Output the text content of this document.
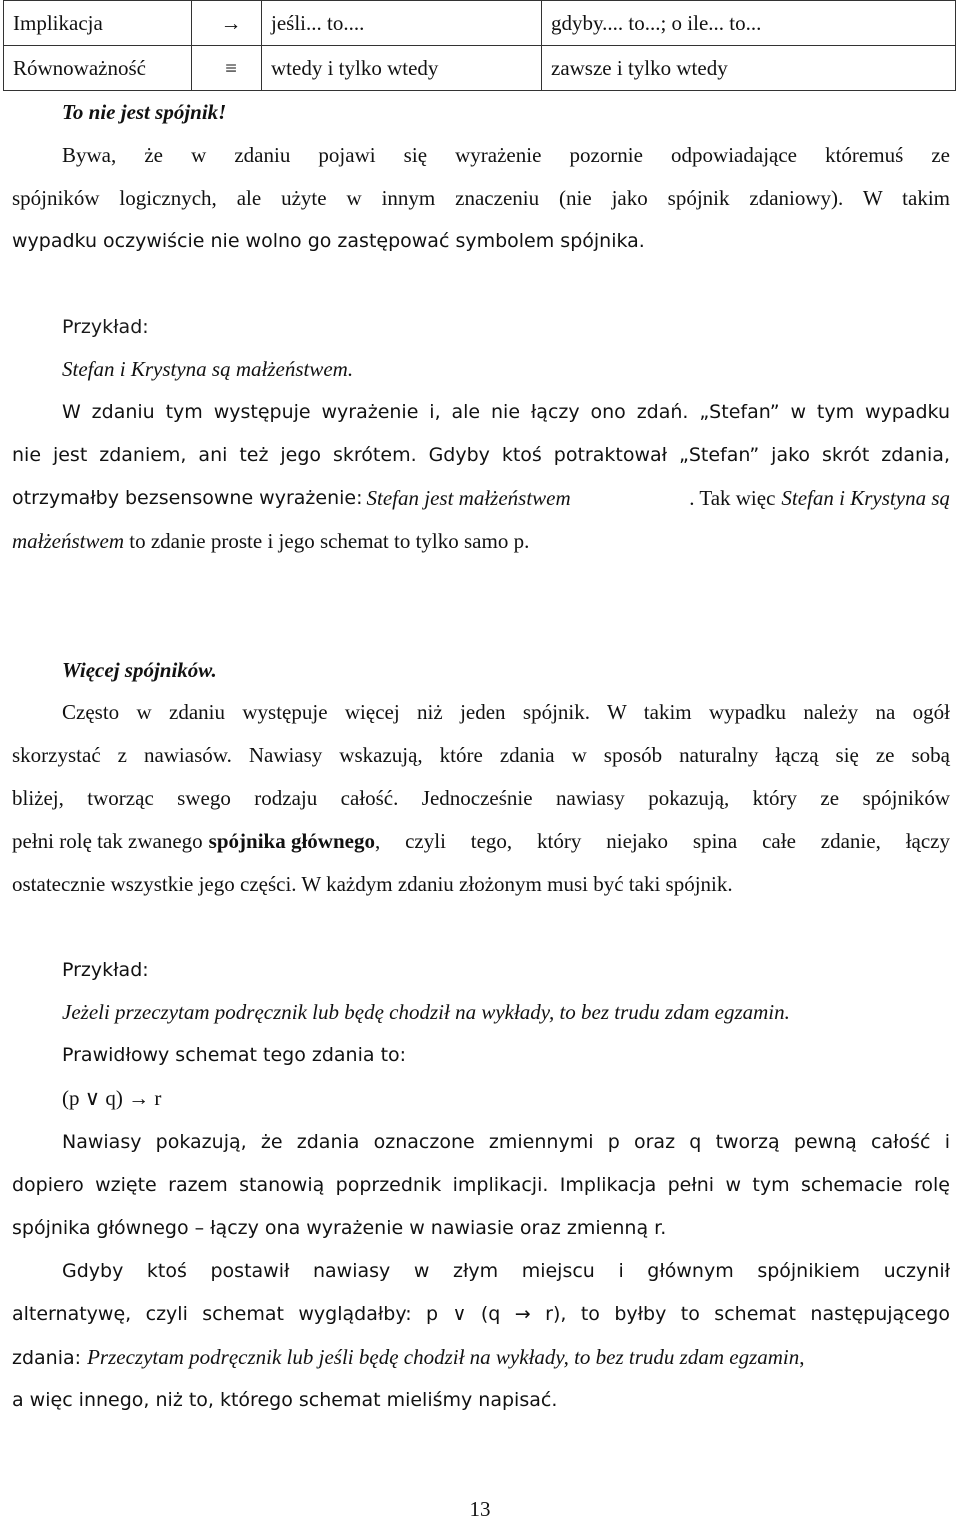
Implikacja	→	jeśli... to....	gdyby.... to...; o ile... to...
Równoważność	≡	wtedy i tylko wtedy	zawsze i tylko wtedy
To nie jest spójnik!
Bywa, że w zdaniu pojawi się wyrażenie pozornie odpowiadające któremuś ze
spójników logicznych, ale użyte w innym znaczeniu (nie jako spójnik zdaniowy). W takim
wypadku oczywiście nie wolno go zastępować symbolem spójnika.
Przykład:
Stefan i Krystyna są małżeństwem.
W zdaniu tym występuje wyrażenie i, ale nie łączy ono zdań. „Stefan” w tym wypadku
nie jest zdaniem, ani też jego skrótem. Gdyby ktoś potraktował „Stefan” jako skrót zdania,
otrzymałby bezsensowne wyrażenie: Stefan jest małżeństwem	. Tak więc Stefan i Krystyna są
małżeństwem to zdanie proste i jego schemat to tylko samo p.
Więcej spójników.
Często w zdaniu występuje więcej niż jeden spójnik. W takim wypadku należy na ogół
skorzystać z nawiasów. Nawiasy wskazują, które zdania w sposób naturalny łączą się ze sobą
bliżej, tworząc swego rodzaju całość. Jednocześnie nawiasy pokazują, który ze spójników
pełni rolę tak zwanego spójnika głównego , czyli tego, który niejako spina całe zdanie, łączy
ostatecznie wszystkie jego części. W każdym zdaniu złożonym musi być taki spójnik.
Przykład:
Jeżeli przeczytam podręcznik lub będę chodził na wykłady, to bez trudu zdam egzamin.
Prawidłowy schemat tego zdania to:
(p ∨ q) → r
Nawiasy pokazują, że zdania oznaczone zmiennymi p oraz q tworzą pewną całość i
dopiero wzięte razem stanowią poprzednik implikacji. Implikacja pełni w tym schemacie rolę
spójnika głównego – łączy ona wyrażenie w nawiasie oraz zmienną r.
Gdyby ktoś postawił nawiasy w złym miejscu i głównym spójnikiem uczynił
alternatywę, czyli schemat wyglądałby: p ∨ (q → r), to byłby to schemat następującego
zdania: Przeczytam podręcznik lub jeśli będę chodził na wykłady, to bez trudu zdam egzamin,
a więc innego, niż to, którego schemat mieliśmy napisać.
13
